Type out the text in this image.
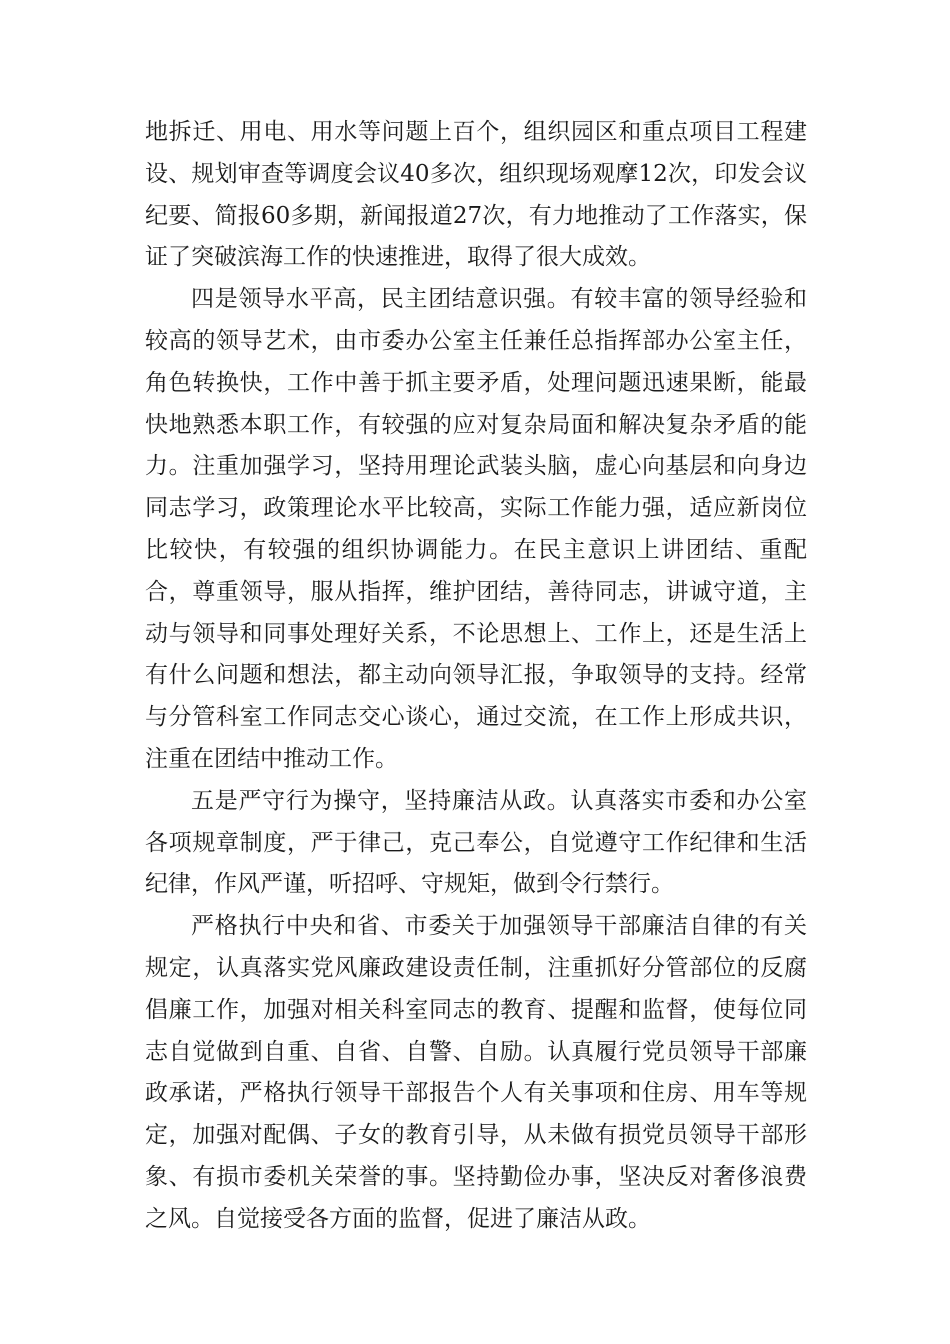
地拆迁、用电、用水等问题上百个，组织园区和重点项目工程建设、规划审查等调度会议40多次，组织现场观摩12次，印发会议纪要、简报60多期，新闻报道27次，有力地推动了工作落实，保证了突破滨海工作的快速推进，取得了很大成效。

四是领导水平高，民主团结意识强。有较丰富的领导经验和较高的领导艺术，由市委办公室主任兼任总指挥部办公室主任，角色转换快，工作中善于抓主要矛盾，处理问题迅速果断，能最快地熟悉本职工作，有较强的应对复杂局面和解决复杂矛盾的能力。注重加强学习，坚持用理论武装头脑，虚心向基层和向身边同志学习，政策理论水平比较高，实际工作能力强，适应新岗位比较快，有较强的组织协调能力。在民主意识上讲团结、重配合，尊重领导，服从指挥，维护团结，善待同志，讲诚守道，主动与领导和同事处理好关系，不论思想上、工作上，还是生活上有什么问题和想法，都主动向领导汇报，争取领导的支持。经常与分管科室工作同志交心谈心，通过交流，在工作上形成共识，注重在团结中推动工作。

五是严守行为操守，坚持廉洁从政。认真落实市委和办公室各项规章制度，严于律己，克己奉公，自觉遵守工作纪律和生活纪律，作风严谨，听招呼、守规矩，做到令行禁行。

严格执行中央和省、市委关于加强领导干部廉洁自律的有关规定，认真落实党风廉政建设责任制，注重抓好分管部位的反腐倡廉工作，加强对相关科室同志的教育、提醒和监督，使每位同志自觉做到自重、自省、自警、自励。认真履行党员领导干部廉政承诺，严格执行领导干部报告个人有关事项和住房、用车等规定，加强对配偶、子女的教育引导，从未做有损党员领导干部形象、有损市委机关荣誉的事。坚持勤俭办事，坚决反对奢侈浪费之风。自觉接受各方面的监督，促进了廉洁从政。
